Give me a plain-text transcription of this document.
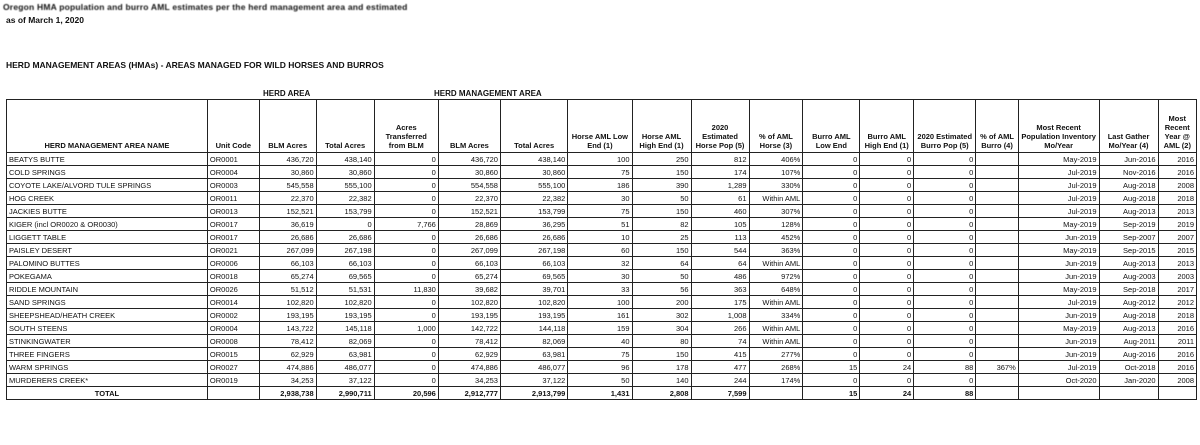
Oregon HMA population and burro AML estimates per the herd management area and estimated
as of March 1, 2020
HERD MANAGEMENT AREAS (HMAs) - AREAS MANAGED FOR WILD HORSES AND BURROS
HERD AREA	HERD MANAGEMENT AREA
HERD MANAGEMENT AREA NAME	Unit Code	BLM Acres	Total Acres	Acres Transferred from BLM	BLM Acres	Total Acres	Horse AML Low End (1)	Horse AML High End (1)	2020 Estimated Horse Pop (5)	% of AML Horse (3)	Burro AML Low End	Burro AML High End (1)	2020 Estimated Burro Pop (5)	% of AML Burro (4)	Most Recent Population Inventory Mo/Year	Last Gather Mo/Year (4)	Most Recent Year @ AML (2)
BEATYS BUTTE	OR0001	436,720	438,140	0	436,720	438,140	100	250	812	406%	0	0	0		May-2019	Jun-2016	2016
COLD SPRINGS	OR0004	30,860	30,860	0	30,860	30,860	75	150	174	107%	0	0	0		Jul-2019	Nov-2016	2016
COYOTE LAKE/ALVORD TULE SPRINGS	OR0003	545,558	555,100	0	554,558	555,100	186	390	1,289	330%	0	0	0		Jul-2019	Aug-2018	2008
HOG CREEK	OR0011	22,370	22,382	0	22,370	22,382	30	50	61	Within AML	0	0	0		Jul-2019	Aug-2018	2018
JACKIES BUTTE	OR0013	152,521	153,799	0	152,521	153,799	75	150	460	307%	0	0	0		Jul-2019	Aug-2013	2013
KIGER (incl OR0020 & OR0030)	OR0017	36,619	0	7,766	28,869	36,295	51	82	105	128%	0	0	0		May-2019	Sep-2019	2019
LIGGETT TABLE	OR0017	26,686	26,686	0	26,686	26,686	10	25	113	452%	0	0	0		Jun-2019	Sep-2007	2007
PAISLEY DESERT	OR0021	267,099	267,198	0	267,099	267,198	60	150	544	363%	0	0	0		May-2019	Sep-2015	2015
PALOMINO BUTTES	OR0006	66,103	66,103	0	66,103	66,103	32	64	64	Within AML	0	0	0		Jun-2019	Aug-2013	2013
POKEGAMA	OR0018	65,274	69,565	0	65,274	69,565	30	50	486	972%	0	0	0		Jun-2019	Aug-2003	2003
RIDDLE MOUNTAIN	OR0026	51,512	51,531	11,830	39,682	39,701	33	56	363	648%	0	0	0		May-2019	Sep-2018	2017
SAND SPRINGS	OR0014	102,820	102,820	0	102,820	102,820	100	200	175	Within AML	0	0	0		Jul-2019	Aug-2012	2012
SHEEPSHEAD/HEATH CREEK	OR0002	193,195	193,195	0	193,195	193,195	161	302	1,008	334%	0	0	0		Jun-2019	Aug-2018	2018
SOUTH STEENS	OR0004	143,722	145,118	1,000	142,722	144,118	159	304	266	Within AML	0	0	0		May-2019	Aug-2013	2016
STINKINGWATER	OR0008	78,412	82,069	0	78,412	82,069	40	80	74	Within AML	0	0	0		Jun-2019	Aug-2011	2011
THREE FINGERS	OR0015	62,929	63,981	0	62,929	63,981	75	150	415	277%	0	0	0		Jun-2019	Aug-2016	2016
WARM SPRINGS	OR0027	474,886	486,077	0	474,886	486,077	96	178	477	268%	15	24	88	367%	Jul-2019	Oct-2018	2016
MURDERERS CREEK*	OR0019	34,253	37,122	0	34,253	37,122	50	140	244	174%	0	0	0		Oct-2020	Jan-2020	2008
TOTAL		2,938,738	2,990,711	20,596	2,912,777	2,913,799	1,431	2,808	7,599		15	24	88				
